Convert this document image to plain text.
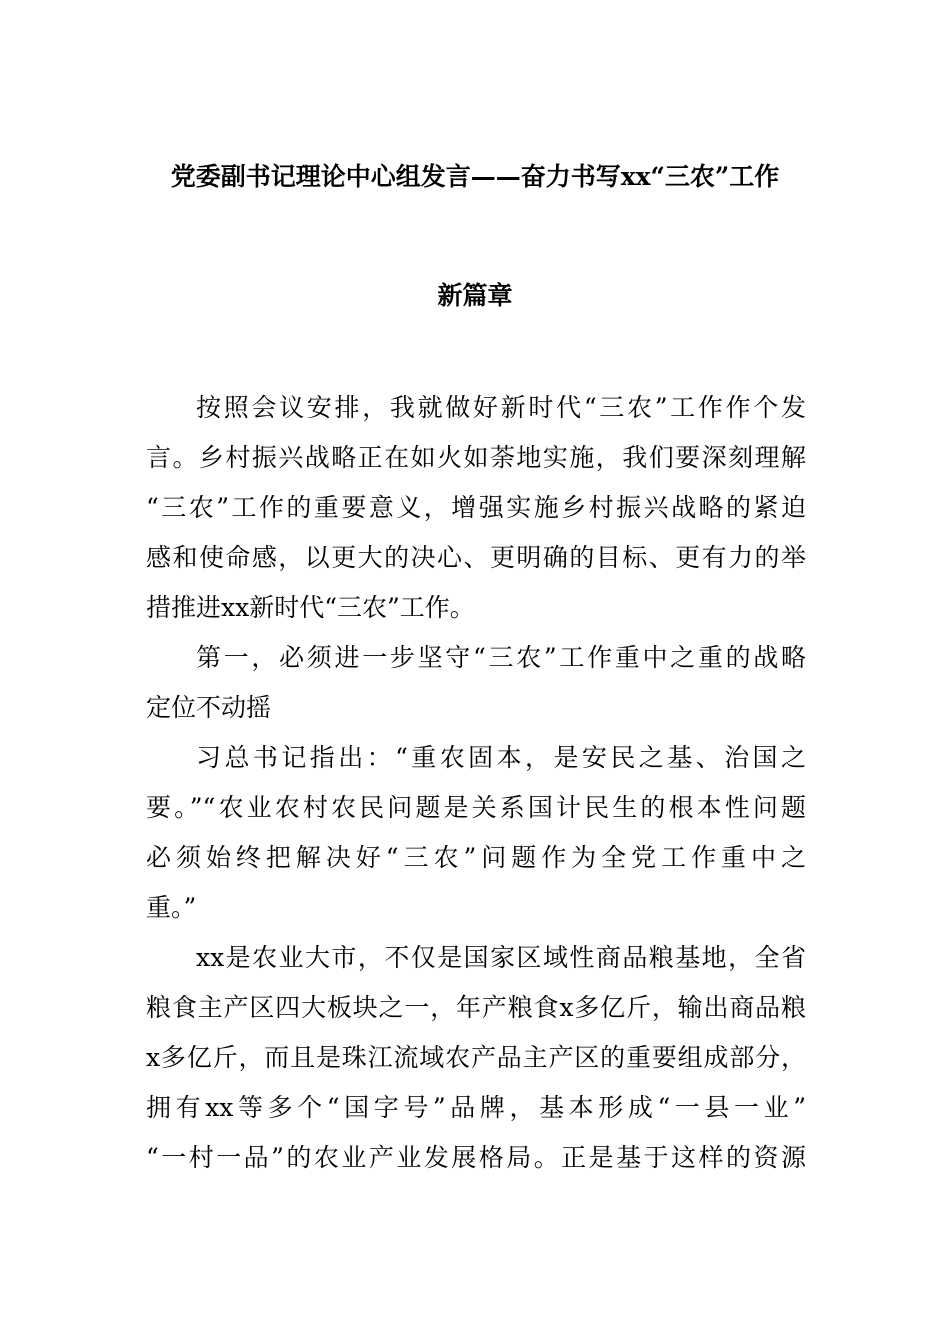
党委副书记理论中心组发言——奋力书写xx“三农”工作
新篇章
按照会议安排，我就做好新时代“三农”工作作个发
言。乡村振兴战略正在如火如荼地实施，我们要深刻理解
“三农”工作的重要意义，增强实施乡村振兴战略的紧迫
感和使命感，以更大的决心、更明确的目标、更有力的举
措推进xx新时代“三农”工作。
第一，必须进一步坚守“三农”工作重中之重的战略
定位不动摇
习总书记指出：“重农固本，是安民之基、治国之
要。”“农业农村农民问题是关系国计民生的根本性问题
必须始终把解决好“三农”问题作为全党工作重中之
重。”
xx是农业大市，不仅是国家区域性商品粮基地，全省
粮食主产区四大板块之一，年产粮食x多亿斤，输出商品粮
x多亿斤，而且是珠江流域农产品主产区的重要组成部分，
拥有xx等多个“国字号”品牌，基本形成“一县一业”
“一村一品”的农业产业发展格局。正是基于这样的资源
